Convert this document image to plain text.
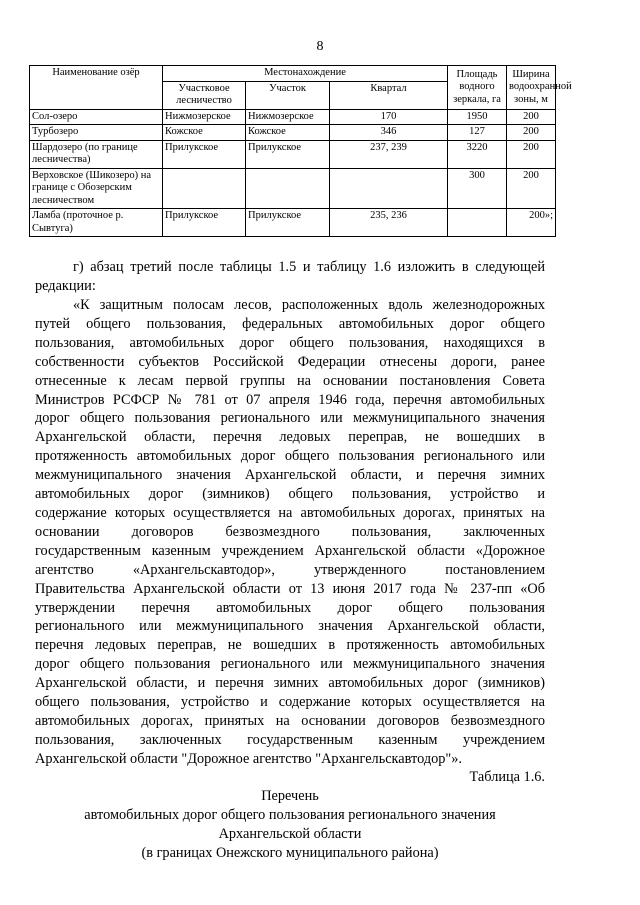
8
Наименование озёр	Местонахождение			Площадь водного зеркала, га	Ширина водоохранной зоны, м
	Участковое лесничество	Участок	Квартал		
Сол-озеро	Нижмозерское	Нижмозерское	170	1950	200
Турбозеро	Кожское	Кожское	346	127	200
Шардозеро (по границе лесничества)	Прилукское	Прилукское	237, 239	3220	200
Верховское (Шикозеро) на границе с Обозерским лесничеством				300	200
Ламба (проточное р. Сывтуга)	Прилукское	Прилукское	235, 236		200»;

г) абзац третий после таблицы 1.5 и таблицу 1.6 изложить в следующей

редакции:

«К защитным полосам лесов, расположенных вдоль железнодорожных

путей общего пользования, федеральных автомобильных дорог общего

пользования, автомобильных дорог общего пользования, находящихся в

собственности субъектов Российской Федерации отнесены дороги, ранее

отнесенные к лесам первой группы на основании постановления Совета

Министров РСФСР № 781 от 07 апреля 1946 года, перечня автомобильных

дорог общего пользования регионального или межмуниципального значения

Архангельской области, перечня ледовых переправ, не вошедших в

протяженность автомобильных дорог общего пользования регионального или

межмуниципального значения Архангельской области, и перечня зимних

автомобильных дорог (зимников) общего пользования, устройство и

содержание которых осуществляется на автомобильных дорогах, принятых на

основании договоров безвозмездного пользования, заключенных

государственным казенным учреждением Архангельской области «Дорожное

агентство «Архангельскавтодор», утвержденного постановлением

Правительства Архангельской области от 13 июня 2017 года № 237-пп «Об

утверждении перечня автомобильных дорог общего пользования

регионального или межмуниципального значения Архангельской области,

перечня ледовых переправ, не вошедших в протяженность автомобильных

дорог общего пользования регионального или межмуниципального значения

Архангельской области, и перечня зимних автомобильных дорог (зимников)

общего пользования, устройство и содержание которых осуществляется на

автомобильных дорогах, принятых на основании договоров безвозмездного

пользования, заключенных государственным казенным учреждением

Архангельской области "Дорожное агентство "Архангельскавтодор"».

Таблица 1.6.

Перечень

автомобильных дорог общего пользования регионального значения

Архангельской области

(в границах Онежского муниципального района)
